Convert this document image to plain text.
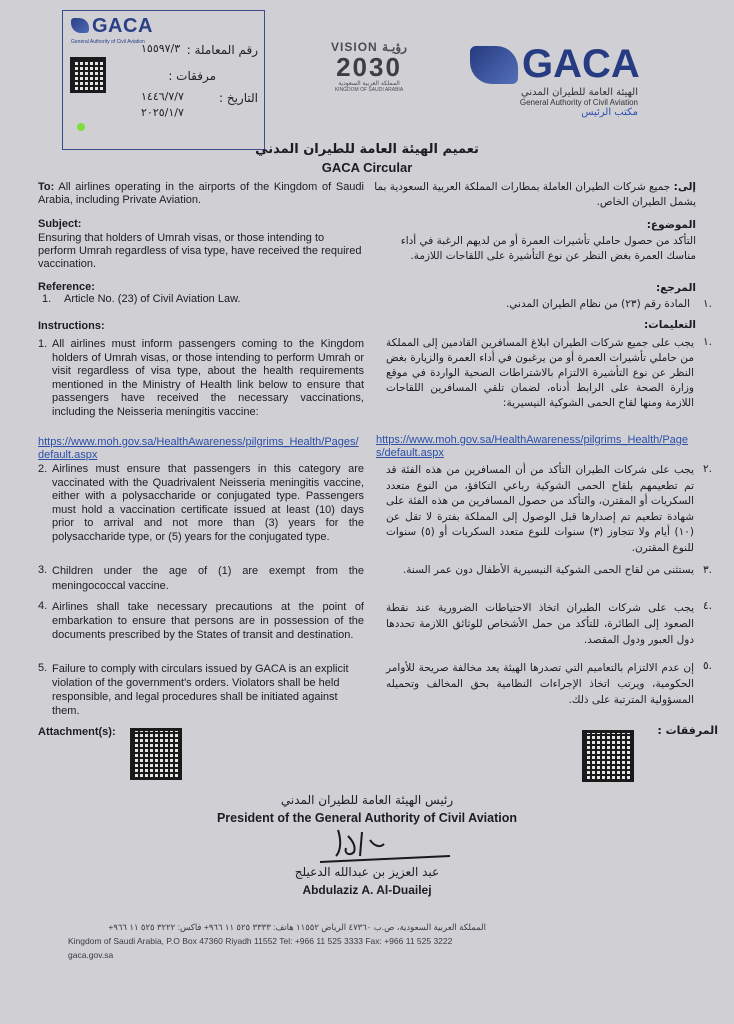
GACA
General Authority of Civil Aviation
رقم المعاملة :
١٥٥٩٧/٣
مرفقات :
التاريخ :
١٤٤٦/٧/٧
٢٠٢٥/١/٧
VISION رؤيـة
2030
المملكة العربية السعودية
KINGDOM OF SAUDI ARABIA
GACA
الهيئة العامة للطيران المدني
General Authority of Civil Aviation
مكتب الرئيس
تعميم الهيئة العامة للطيران المدني
GACA Circular
To: All airlines operating in the airports of the Kingdom of Saudi Arabia, including Private Aviation.
Subject:
Ensuring that holders of Umrah visas, or those intending to perform Umrah regardless of visa type, have received the required vaccination.
Reference:
1. Article No. (23) of Civil Aviation Law.
Instructions:
1. All airlines must inform passengers coming to the Kingdom holders of Umrah visas, or those intending to perform Umrah or visit regardless of visa type, about the health requirements mentioned in the Ministry of Health link below to ensure that passengers have received the necessary vaccinations, including the Neisseria meningitis vaccine:
https://www.moh.gov.sa/HealthAwareness/pilgrims_Health/Pages/default.aspx
2. Airlines must ensure that passengers in this category are vaccinated with the Quadrivalent Neisseria meningitis vaccine, either with a polysaccharide or conjugated type. Passengers must hold a vaccination certificate issued at least (10) days prior to arrival and not more than (3) years for the polysaccharide type, or (5) years for the conjugated type.
3. Children under the age of (1) are exempt from the meningococcal vaccine.
4. Airlines shall take necessary precautions at the point of embarkation to ensure that persons are in possession of the documents prescribed by the States of transit and destination.
5. Failure to comply with circulars issued by GACA is an explicit violation of the government's orders. Violators shall be held responsible, and legal procedures shall be initiated against them.
Attachment(s):
إلى: جميع شركات الطيران العاملة بمطارات المملكة العربية السعودية بما يشمل الطيران الخاص.
الموضوع:
التأكد من حصول حاملي تأشيرات العمرة أو من لديهم الرغبة في أداء مناسك العمرة بغض النظر عن نوع التأشيرة على اللقاحات اللازمة.
المرجع:
.١
المادة رقم (٢٣) من نظام الطيران المدني.
التعليمات:
.١
يجب على جميع شركات الطيران ابلاغ المسافرين القادمين إلى المملكة من حاملي تأشيرات العمرة أو من يرغبون في أداء العمرة والزيارة بغض النظر عن نوع التأشيرة الالتزام بالاشتراطات الصحية الواردة في موقع وزارة الصحة على الرابط أدناه، لضمان تلقي المسافرين اللقاحات اللازمة ومنها لقاح الحمى الشوكية النيسيرية:
https://www.moh.gov.sa/HealthAwareness/pilgrims_Health/Pages/default.aspx
.٢
يجب على شركات الطيران التأكد من أن المسافرين من هذه الفئة قد تم تطعيمهم بلقاح الحمى الشوكية رباعي التكافؤ، من النوع متعدد السكريات أو المقترن، والتأكد من حصول المسافرين من هذه الفئة على شهادة تطعيم تم إصدارها قبل الوصول إلى المملكة بفترة لا تقل عن (١٠) أيام ولا تتجاوز (٣) سنوات للنوع متعدد السكريات أو (٥) سنوات للنوع المقترن.
.٣
يستثنى من لقاح الحمى الشوكية النيسيرية الأطفال دون عمر السنة.
.٤
يجب على شركات الطيران اتخاذ الاحتياطات الضرورية عند نقطة الصعود إلى الطائرة، للتأكد من حمل الأشخاص للوثائق اللازمة تحددها دول العبور ودول المقصد.
.٥
إن عدم الالتزام بالتعاميم التي تصدرها الهيئة يعد مخالفة صريحة للأوامر الحكومية، ويرتب اتخاذ الإجراءات النظامية بحق المخالف وتحميله المسؤولية المترتبة على ذلك.
المرفقات :
رئيس الهيئة العامة للطيران المدني
President of the General Authority of Civil Aviation
عبد العزيز بن عبدالله الدعيلج
Abdulaziz A. Al-Duailej
المملكة العربية السعودية، ص.ب ٤٧٣٦٠ الرياض ١١٥٥٢ هاتف: ٣٣٣٣ ٥٢٥ ١١ ٩٦٦+ فاكس: ٣٢٢٢ ٥٢٥ ١١ ٩٦٦+
Kingdom of Saudi Arabia, P.O Box 47360 Riyadh 11552 Tel: +966 11 525 3333 Fax: +966 11 525 3222
gaca.gov.sa
